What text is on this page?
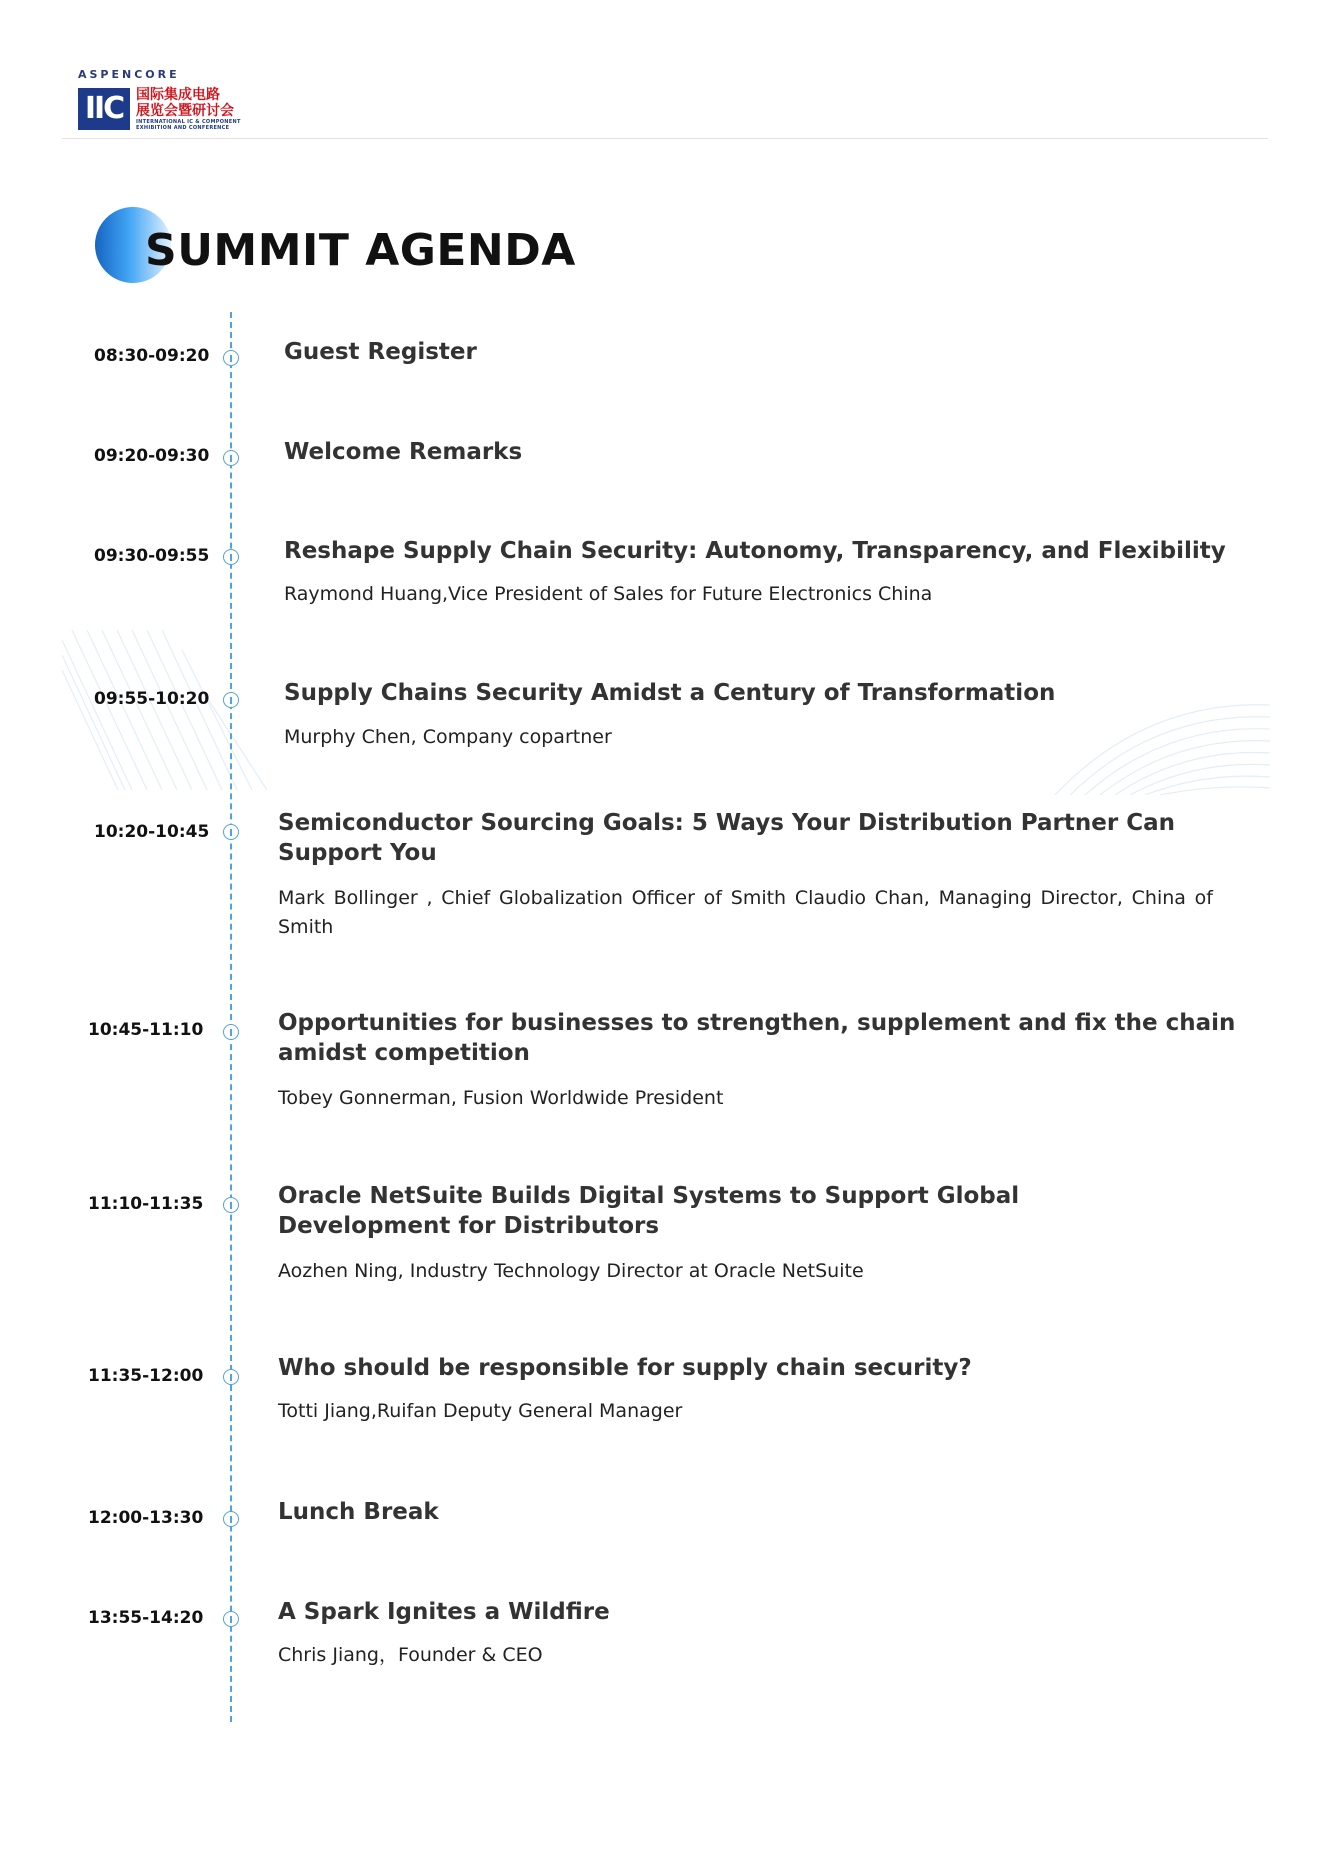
ASPENCORE
IIC 国际集成电路
展览会暨研讨会
INTERNATIONAL IC & COMPONENT EXHIBITION AND CONFERENCE
SUMMIT AGENDA
08:30-09:20	Guest Register
09:20-09:30	Welcome Remarks
09:30-09:55	Reshape Supply Chain Security: Autonomy, Transparency, and Flexibility
Raymond Huang,Vice President of Sales for Future Electronics China
09:55-10:20	Supply Chains Security Amidst a Century of Transformation
Murphy Chen, Company copartner
10:20-10:45	Semiconductor Sourcing Goals: 5 Ways Your Distribution Partner Can Support You
Mark Bollinger , Chief Globalization Officer of Smith Claudio Chan, Managing Director, China of Smith
10:45-11:10	Opportunities for businesses to strengthen, supplement and fix the chain amidst competition
Tobey Gonnerman, Fusion Worldwide President
11:10-11:35	Oracle NetSuite Builds Digital Systems to Support Global Development for Distributors
Aozhen Ning, Industry Technology Director at Oracle NetSuite
11:35-12:00	Who should be responsible for supply chain security?
Totti Jiang,Ruifan Deputy General Manager
12:00-13:30	Lunch Break
13:55-14:20	A Spark Ignites a Wildfire
Chris Jiang，Founder & CEO
